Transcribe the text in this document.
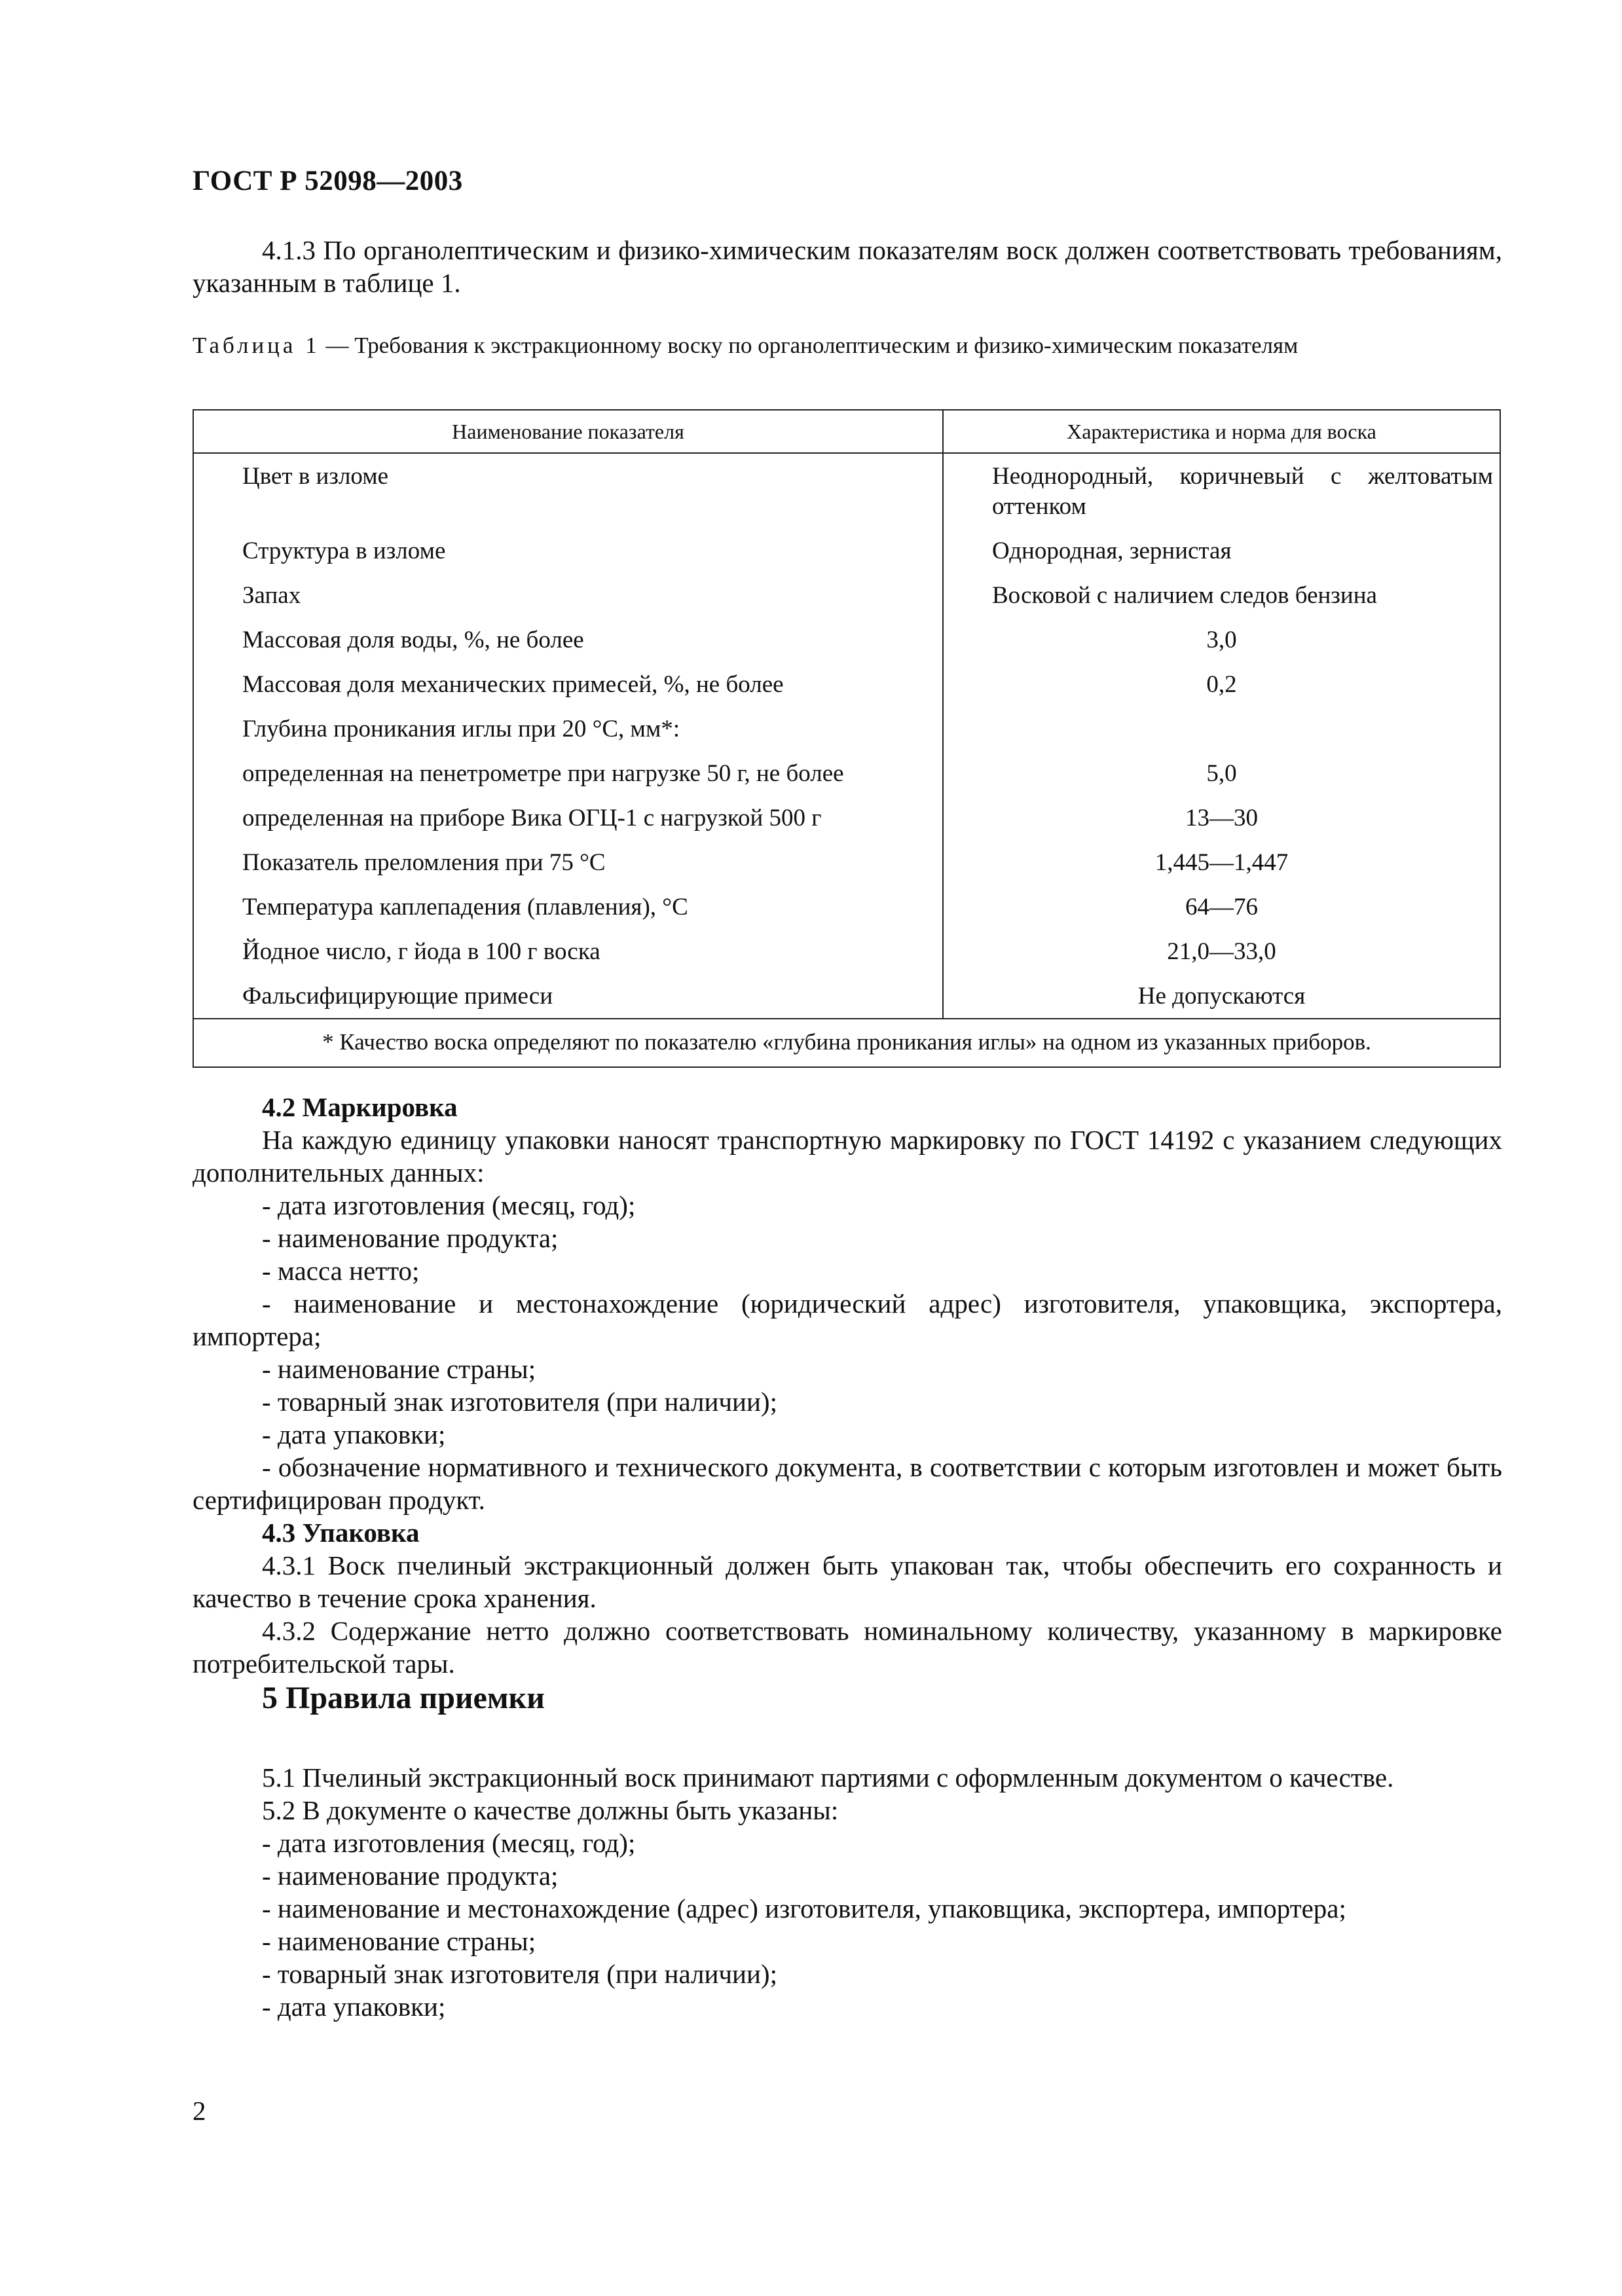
ГОСТ Р 52098—2003

4.1.3 По органолептическим и физико-химическим показателям воск должен соответствовать требованиям, указанным в таблице 1.

Таблица 1 — Требования к экстракционному воску по органолептическим и физико-химическим показателям
Наименование показателя	Характеристика и норма для воска
Цвет в изломе	Неоднородный, коричневый с желтоватым оттенком
Структура в изломе	Однородная, зернистая
Запах	Восковой с наличием следов бензина
Массовая доля воды, %, не более	3,0
Массовая доля механических примесей, %, не более	0,2
Глубина проникания иглы при 20 °С, мм*:	
определенная на пенетрометре при нагрузке 50 г, не более	5,0
определенная на приборе Вика ОГЦ-1 с нагрузкой 500 г	13—30
Показатель преломления при 75 °С	1,445—1,447
Температура каплепадения (плавления), °С	64—76
Йодное число, г йода в 100 г воска	21,0—33,0
Фальсифицирующие примеси	Не допускаются
* Качество воска определяют по показателю «глубина проникания иглы» на одном из указанных приборов.	

4.2 Маркировка

На каждую единицу упаковки наносят транспортную маркировку по ГОСТ 14192 с указанием следующих дополнительных данных:

- дата изготовления (месяц, год);

- наименование продукта;

- масса нетто;

- наименование и местонахождение (юридический адрес) изготовителя, упаковщика, экспортера, импортера;

- наименование страны;

- товарный знак изготовителя (при наличии);

- дата упаковки;

- обозначение нормативного и технического документа, в соответствии с которым изготовлен и может быть сертифицирован продукт.

4.3 Упаковка

4.3.1 Воск пчелиный экстракционный должен быть упакован так, чтобы обеспечить его сохранность и качество в течение срока хранения.

4.3.2 Содержание нетто должно соответствовать номинальному количеству, указанному в маркировке потребительской тары.

5 Правила приемки

5.1 Пчелиный экстракционный воск принимают партиями с оформленным документом о качестве.

5.2 В документе о качестве должны быть указаны:

- дата изготовления (месяц, год);

- наименование продукта;

- наименование и местонахождение (адрес) изготовителя, упаковщика, экспортера, импортера;

- наименование страны;

- товарный знак изготовителя (при наличии);

- дата упаковки;

2
